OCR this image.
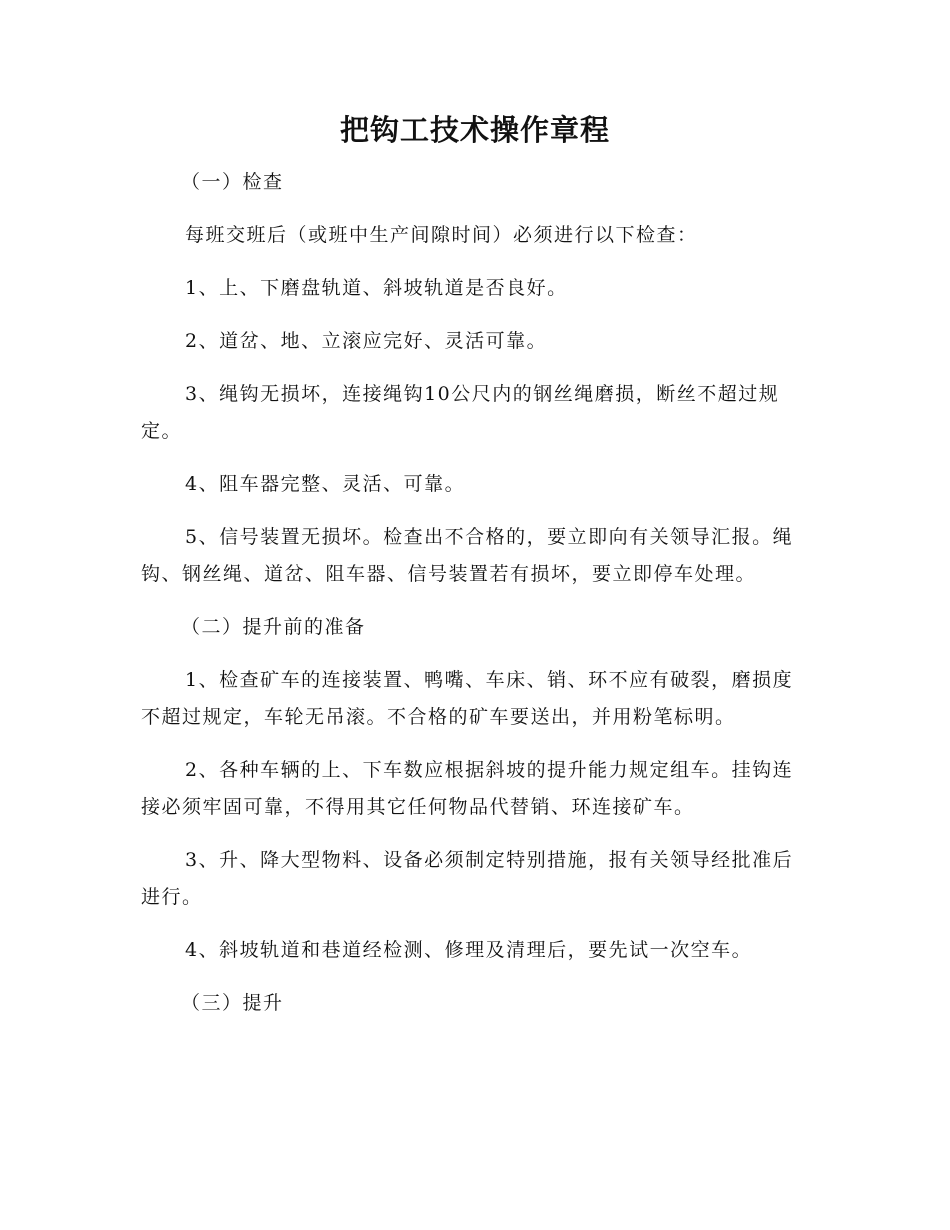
把钩工技术操作章程

（一）检查

每班交班后（或班中生产间隙时间）必须进行以下检查：

1、上、下磨盘轨道、斜坡轨道是否良好。

2、道岔、地、立滚应完好、灵活可靠。

3、绳钩无损坏，连接绳钩10公尺内的钢丝绳磨损，断丝不超过规定。

4、阻车器完整、灵活、可靠。

5、信号装置无损坏。检查出不合格的，要立即向有关领导汇报。绳钩、钢丝绳、道岔、阻车器、信号装置若有损坏，要立即停车处理。

（二）提升前的准备

1、检查矿车的连接装置、鸭嘴、车床、销、环不应有破裂，磨损度不超过规定，车轮无吊滚。不合格的矿车要送出，并用粉笔标明。

2、各种车辆的上、下车数应根据斜坡的提升能力规定组车。挂钩连接必须牢固可靠，不得用其它任何物品代替销、环连接矿车。

3、升、降大型物料、设备必须制定特别措施，报有关领导经批准后进行。

4、斜坡轨道和巷道经检测、修理及清理后，要先试一次空车。

（三）提升
